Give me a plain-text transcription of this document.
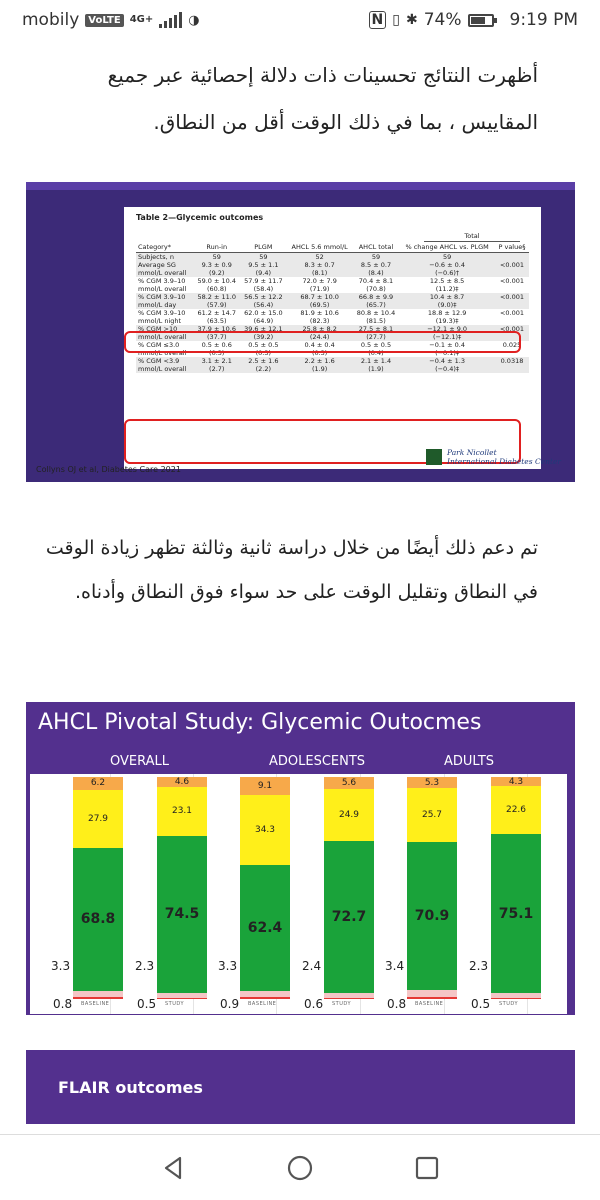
mobily VoLTE 4G+	◑	N ▯ ✱ 74%	9:19 PM
أظهرت النتائج تحسينات ذات دلالة إحصائية عبر جميع المقاييس ، بما في ذلك الوقت أقل من النطاق.
Table 2—Glycemic outcomes
Total
Category*	Run-in	PLGM	AHCL 5.6 mmol/L	AHCL total	% change AHCL vs. PLGM	P value§
Subjects, n	59	59	52	59	59	
Average SG	9.3 ± 0.9	9.5 ± 1.1	8.3 ± 0.7	8.5 ± 0.7	−0.6 ± 0.4	<0.001
mmol/L overall	(9.2)	(9.4)	(8.1)	(8.4)	(−0.6)†	
% CGM 3.9–10	59.0 ± 10.4	57.9 ± 11.7	72.0 ± 7.9	70.4 ± 8.1	12.5 ± 8.5	<0.001
mmol/L overall	(60.8)	(58.4)	(71.9)	(70.8)	(11.2)‡	
% CGM 3.9–10	58.2 ± 11.0	56.5 ± 12.2	68.7 ± 10.0	66.8 ± 9.9	10.4 ± 8.7	<0.001
mmol/L day	(57.9)	(56.4)	(69.5)	(65.7)	(9.0)‡	
% CGM 3.9–10	61.2 ± 14.7	62.0 ± 15.0	81.9 ± 10.6	80.8 ± 10.4	18.8 ± 12.9	<0.001
mmol/L night	(63.5)	(64.9)	(82.3)	(81.5)	(19.3)‡	
% CGM >10	37.9 ± 10.6	39.6 ± 12.1	25.8 ± 8.2	27.5 ± 8.1	−12.1 ± 9.0	<0.001
mmol/L overall	(37.7)	(39.2)	(24.4)	(27.7)	(−12.1)‡	
% CGM ≤3.0	0.5 ± 0.6	0.5 ± 0.5	0.4 ± 0.4	0.5 ± 0.5	−0.1 ± 0.4	0.025
mmol/L overall	(0.3)	(0.3)	(0.3)	(0.4)	(−0.1)‡	
% CGM <3.9	3.1 ± 2.1	2.5 ± 1.6	2.2 ± 1.6	2.1 ± 1.4	−0.4 ± 1.3	0.0318
mmol/L overall	(2.7)	(2.2)	(1.9)	(1.9)	(−0.4)‡	
Collyns OJ et al, Diabetes Care 2021
Park Nicollet
International Diabetes Center
تم دعم ذلك أيضًا من خلال دراسة ثانية وثالثة تظهر زيادة الوقت في النطاق وتقليل الوقت على حد سواء فوق النطاق وأدناه.
AHCL Pivotal Study: Glycemic Outocmes
OVERALL	ADOLESCENTS	ADULTS
68.8
27.9
6.2
0.8
3.3
BASELINE
74.5
23.1
4.6
0.5
2.3
STUDY
62.4
34.3
9.1
0.9
3.3
BASELINE
72.7
24.9
5.6
0.6
2.4
STUDY
70.9
25.7
5.3
0.8
3.4
BASELINE
75.1
22.6
4.3
0.5
2.3
STUDY
FLAIR outcomes
